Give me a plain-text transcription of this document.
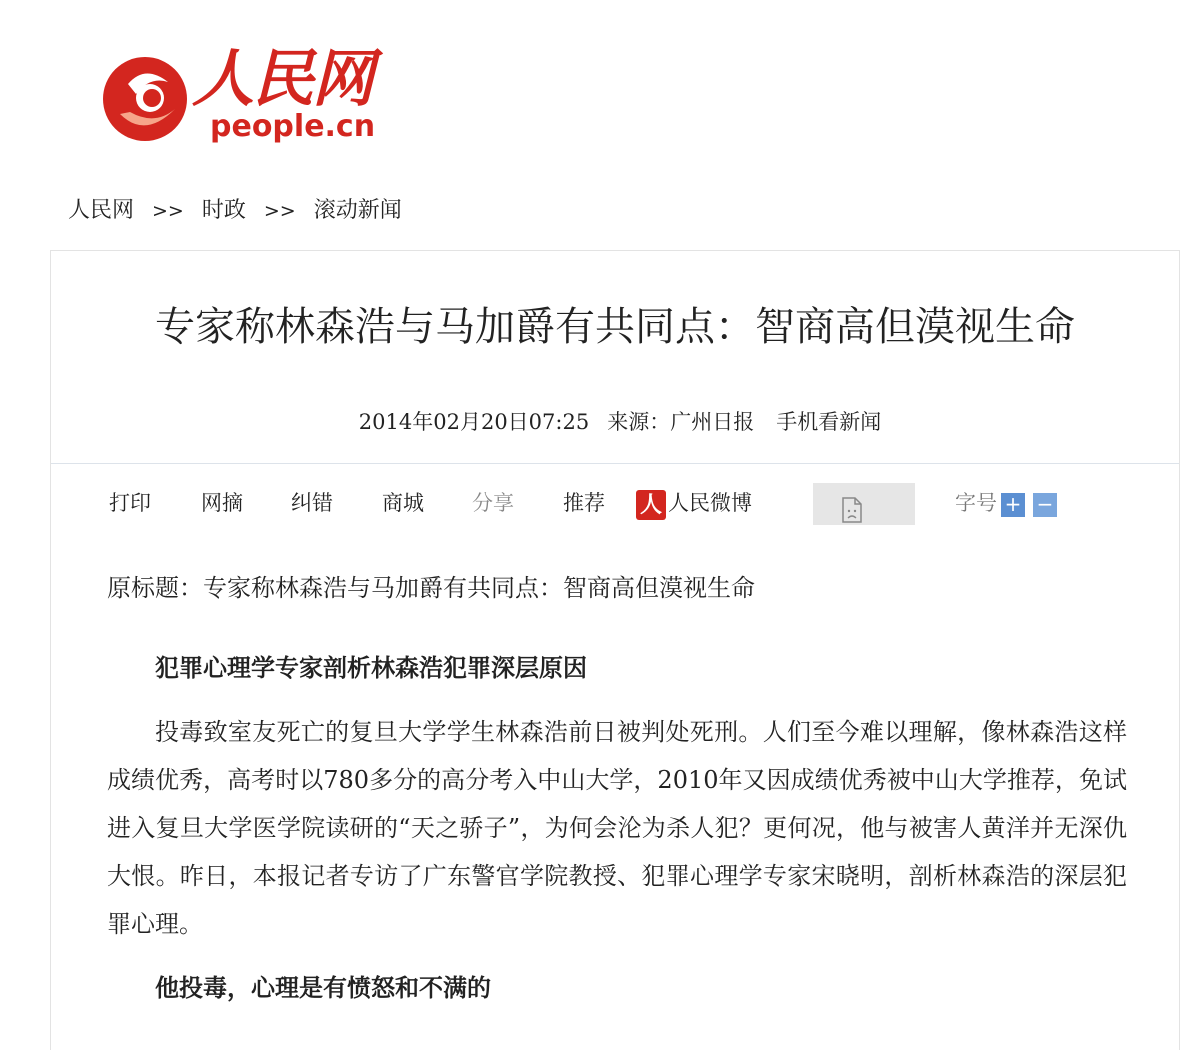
人民网
people.cn
人民网 >> 时政 >> 滚动新闻
专家称林森浩与马加爵有共同点：智商高但漠视生命
2014年02月20日07:25 来源：广州日报 手机看新闻
打印 网摘 纠错 商城 分享 推荐 人 人民微博	字号 + −

原标题：专家称林森浩与马加爵有共同点：智商高但漠视生命

犯罪心理学专家剖析林森浩犯罪深层原因

投毒致室友死亡的复旦大学学生林森浩前日被判处死刑。人们至今难以理解，像林森浩这样成绩优秀，高考时以780多分的高分考入中山大学，2010年又因成绩优秀被中山大学推荐，免试进入复旦大学医学院读研的“天之骄子”，为何会沦为杀人犯？更何况，他与被害人黄洋并无深仇大恨。昨日，本报记者专访了广东警官学院教授、犯罪心理学专家宋晓明，剖析林森浩的深层犯罪心理。

他投毒，心理是有愤怒和不满的
